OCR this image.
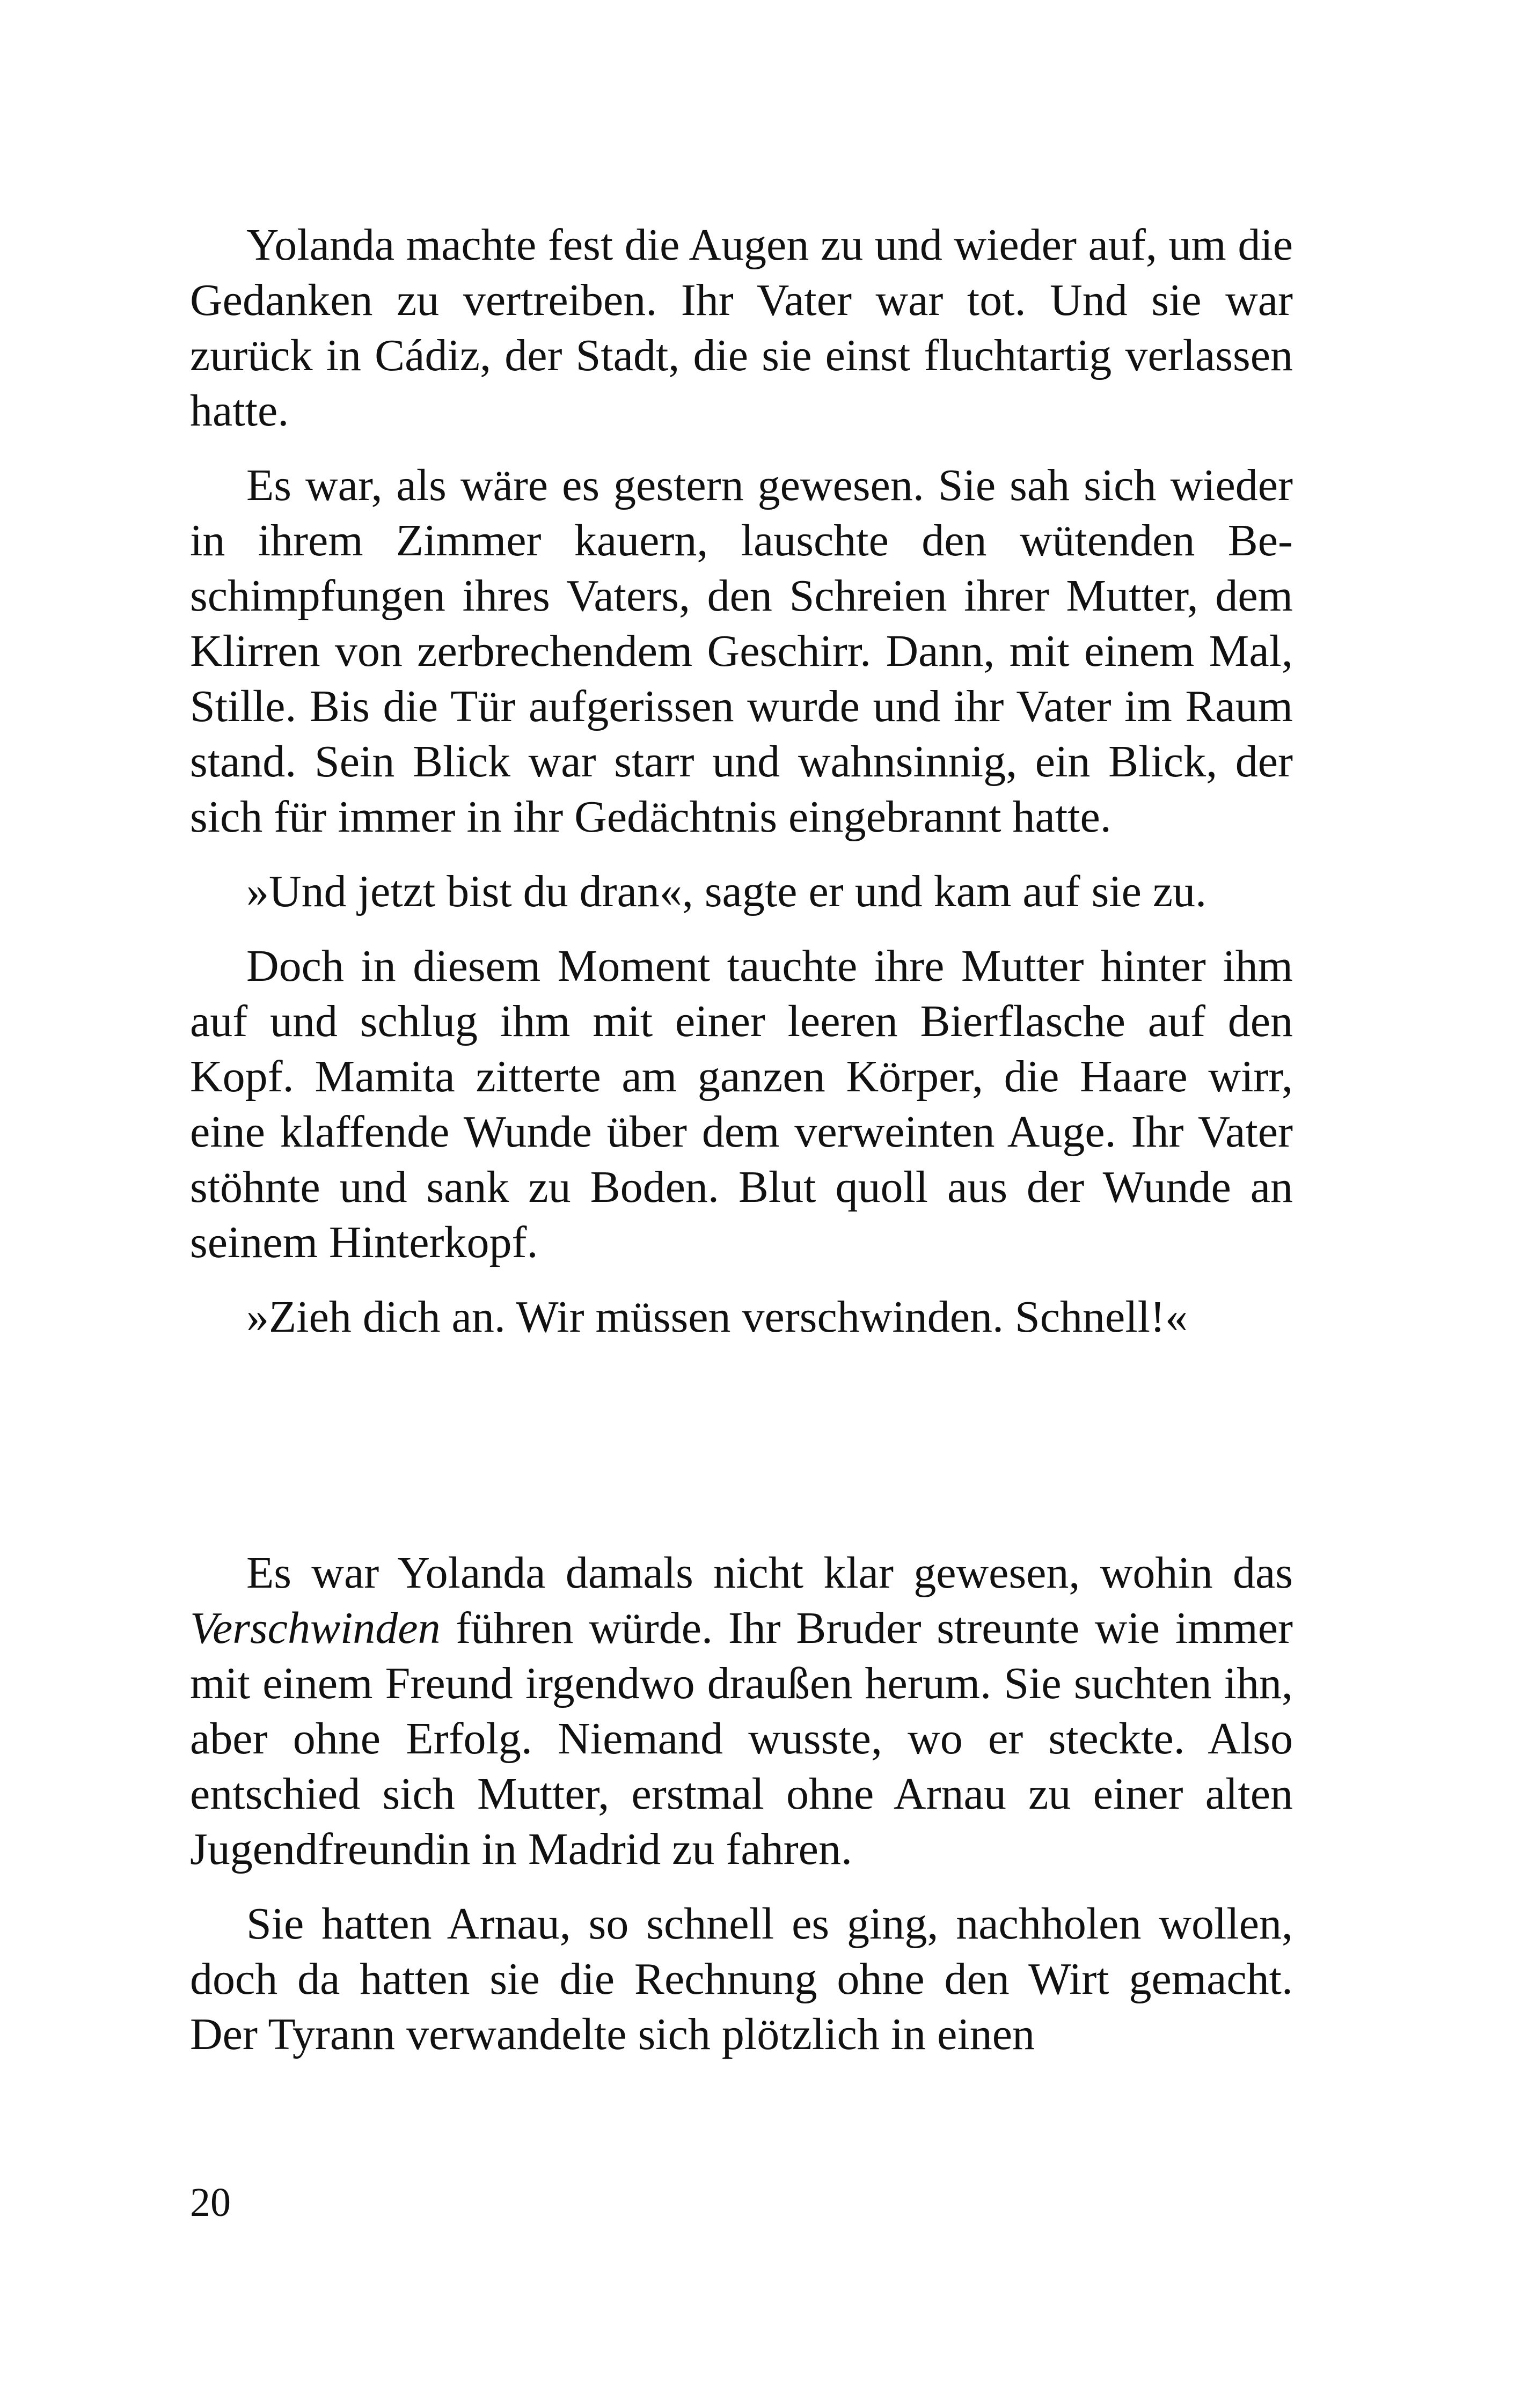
Yolanda machte fest die Augen zu und wieder auf, um die Gedanken zu vertreiben. Ihr Vater war tot. Und sie war zurück in Cádiz, der Stadt, die sie einst fluchtartig verlassen hatte.

Es war, als wäre es gestern gewesen. Sie sah sich wieder in ihrem Zimmer kauern, lauschte den wütenden Beschimpfungen ihres Vaters, den Schreien ihrer Mutter, dem Klirren von zerbrechendem Geschirr. Dann, mit einem Mal, Stille. Bis die Tür aufgerissen wurde und ihr Vater im Raum stand. Sein Blick war starr und wahnsinnig, ein Blick, der sich für immer in ihr Gedächtnis eingebrannt hatte.

»Und jetzt bist du dran«, sagte er und kam auf sie zu.

Doch in diesem Moment tauchte ihre Mutter hinter ihm auf und schlug ihm mit einer leeren Bierflasche auf den Kopf. Mamita zitterte am ganzen Körper, die Haare wirr, eine klaffende Wunde über dem verweinten Auge. Ihr Vater stöhnte und sank zu Boden. Blut quoll aus der Wunde an seinem Hinterkopf.

»Zieh dich an. Wir müssen verschwinden. Schnell!«

Es war Yolanda damals nicht klar gewesen, wohin das Verschwinden führen würde. Ihr Bruder streunte wie immer mit einem Freund irgendwo draußen herum. Sie suchten ihn, aber ohne Erfolg. Niemand wusste, wo er steckte. Also entschied sich Mutter, erstmal ohne Arnau zu einer alten Jugendfreundin in Madrid zu fahren.

Sie hatten Arnau, so schnell es ging, nachholen wollen, doch da hatten sie die Rechnung ohne den Wirt gemacht. Der Tyrann verwandelte sich plötzlich in einen

20
